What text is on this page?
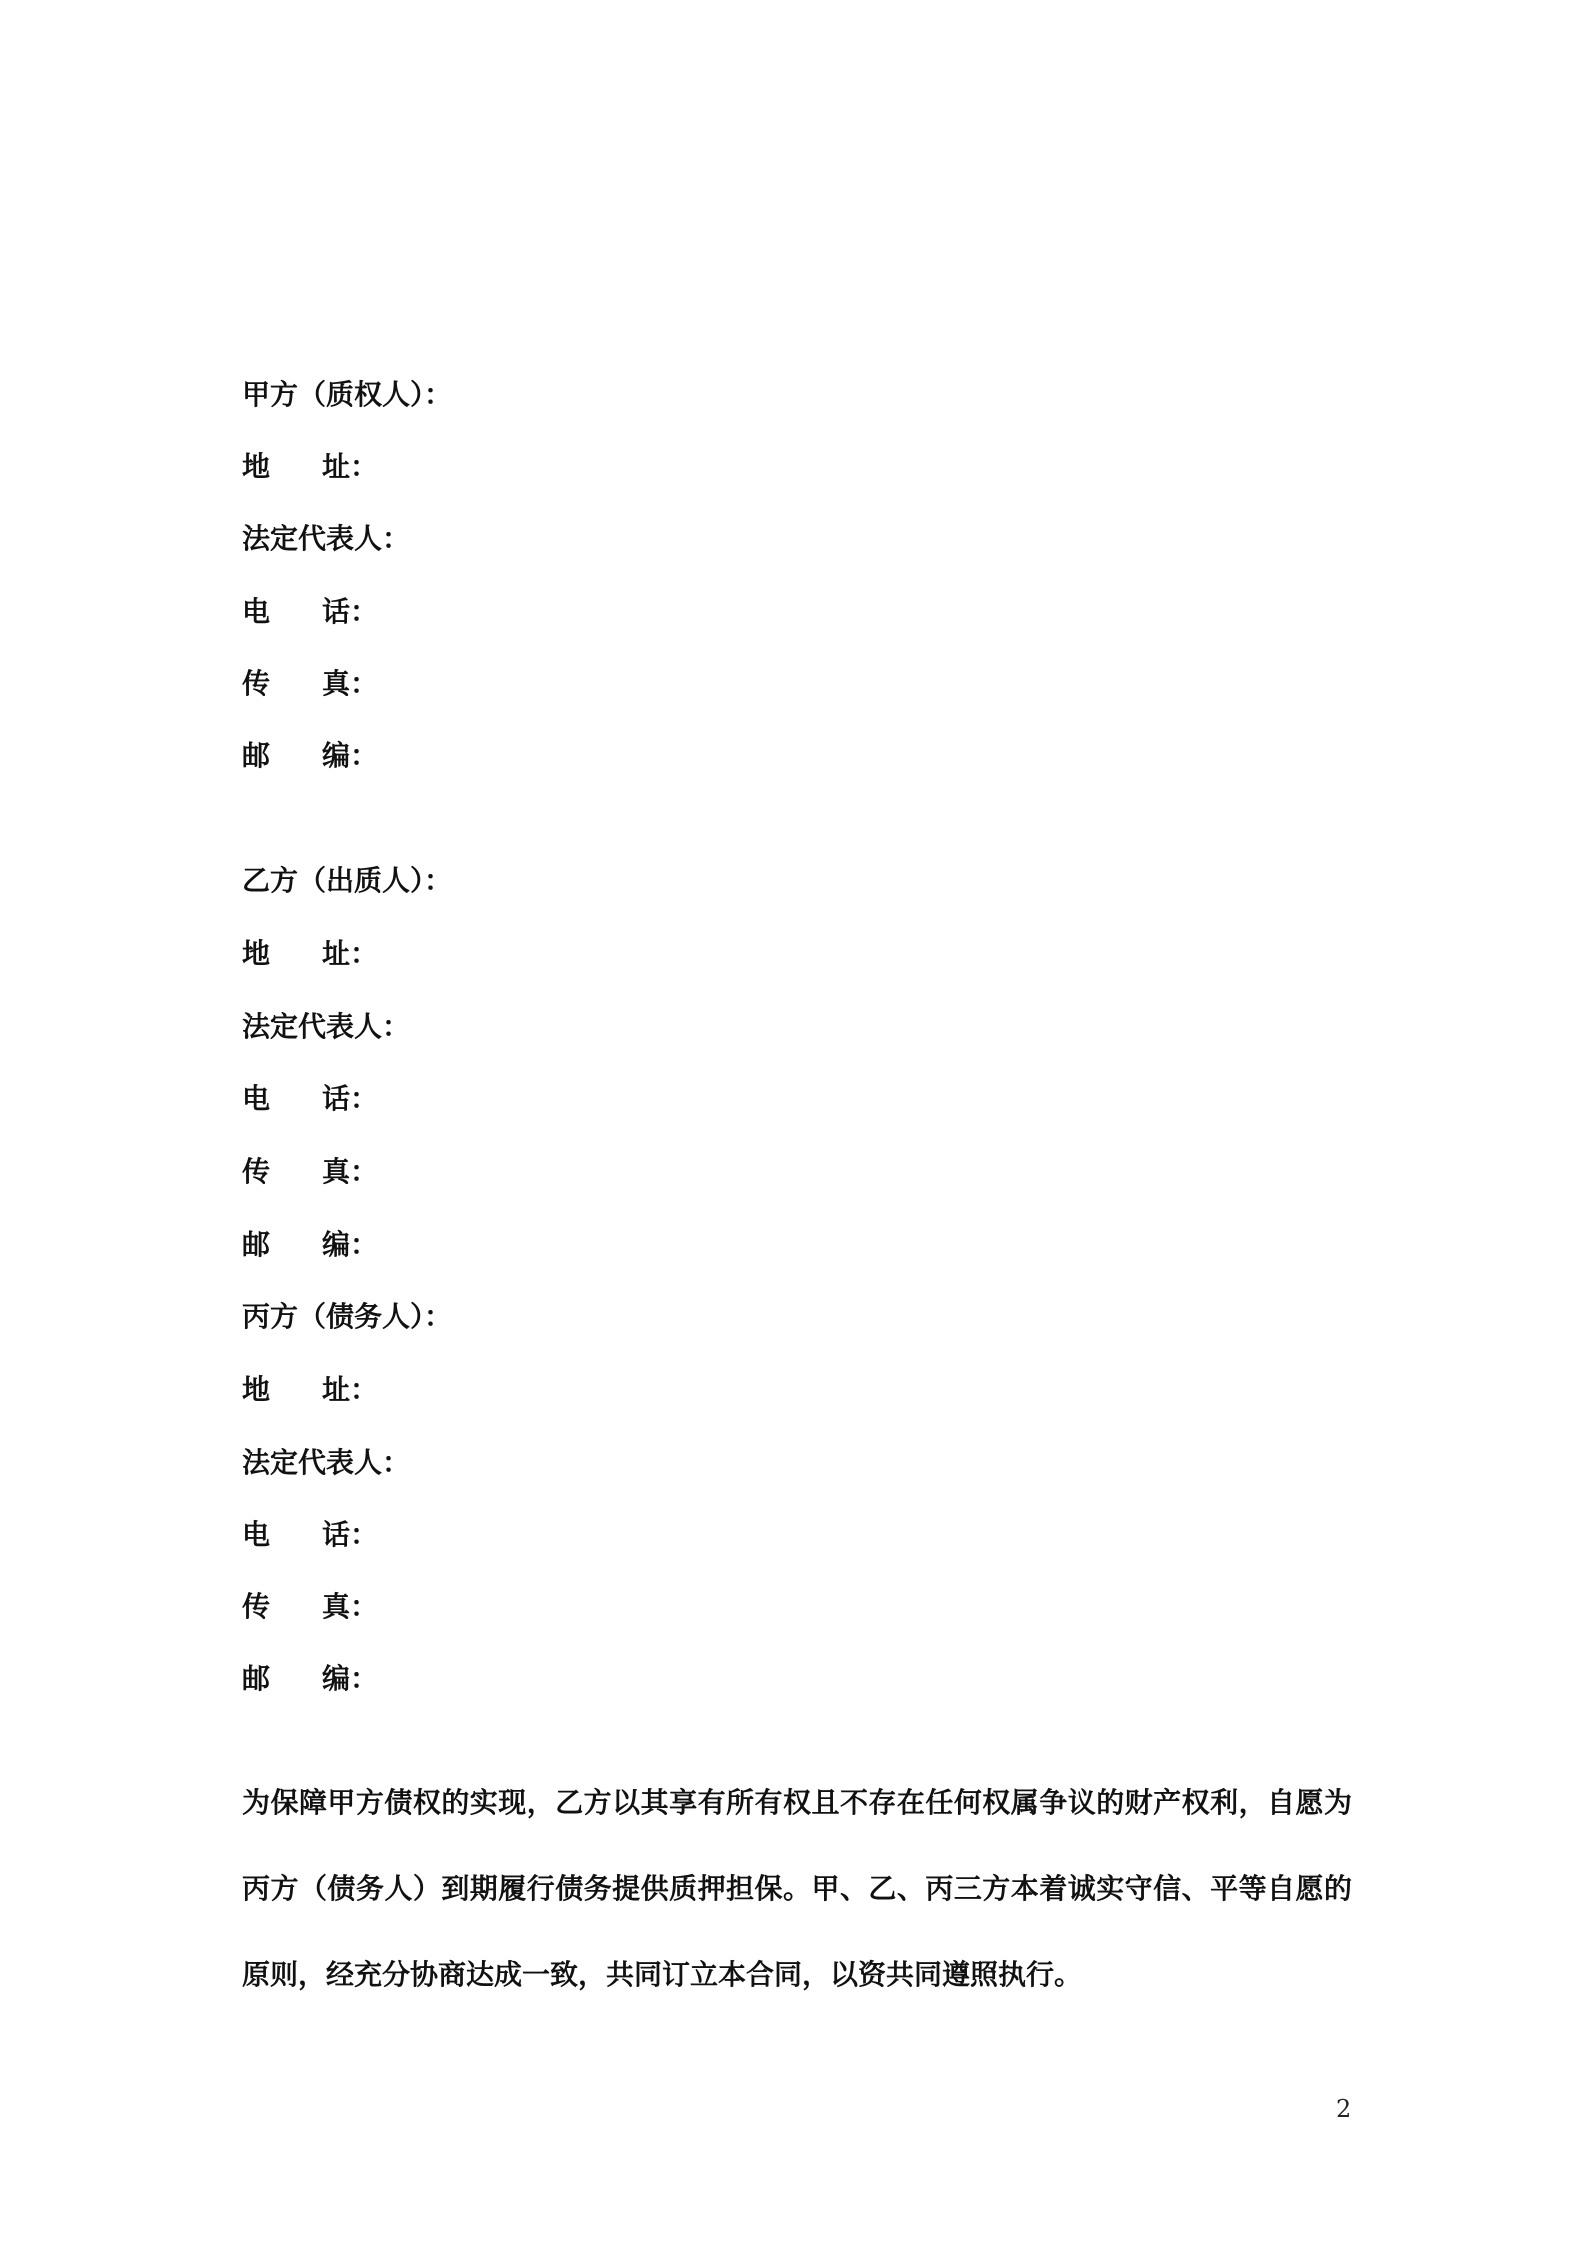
甲方（质权人）：
地 址 ：
法定代表人：
电 话 ：
传 真 ：
邮 编 ：
乙方（出质人）：
地 址 ：
法定代表人：
电 话 ：
传 真 ：
邮 编 ：
丙方（债务人）：
地 址 ：
法定代表人：
电 话 ：
传 真 ：
邮 编 ：
为保障甲方债权的实现，乙方以其享有所有权且不存在任何权属争议的财产权利，自愿为丙方（债务人）到期履行债务提供质押担保。甲、乙、丙三方本着诚实守信、平等自愿的原则，经充分协商达成一致，共同订立本合同，以资共同遵照执行。
2
